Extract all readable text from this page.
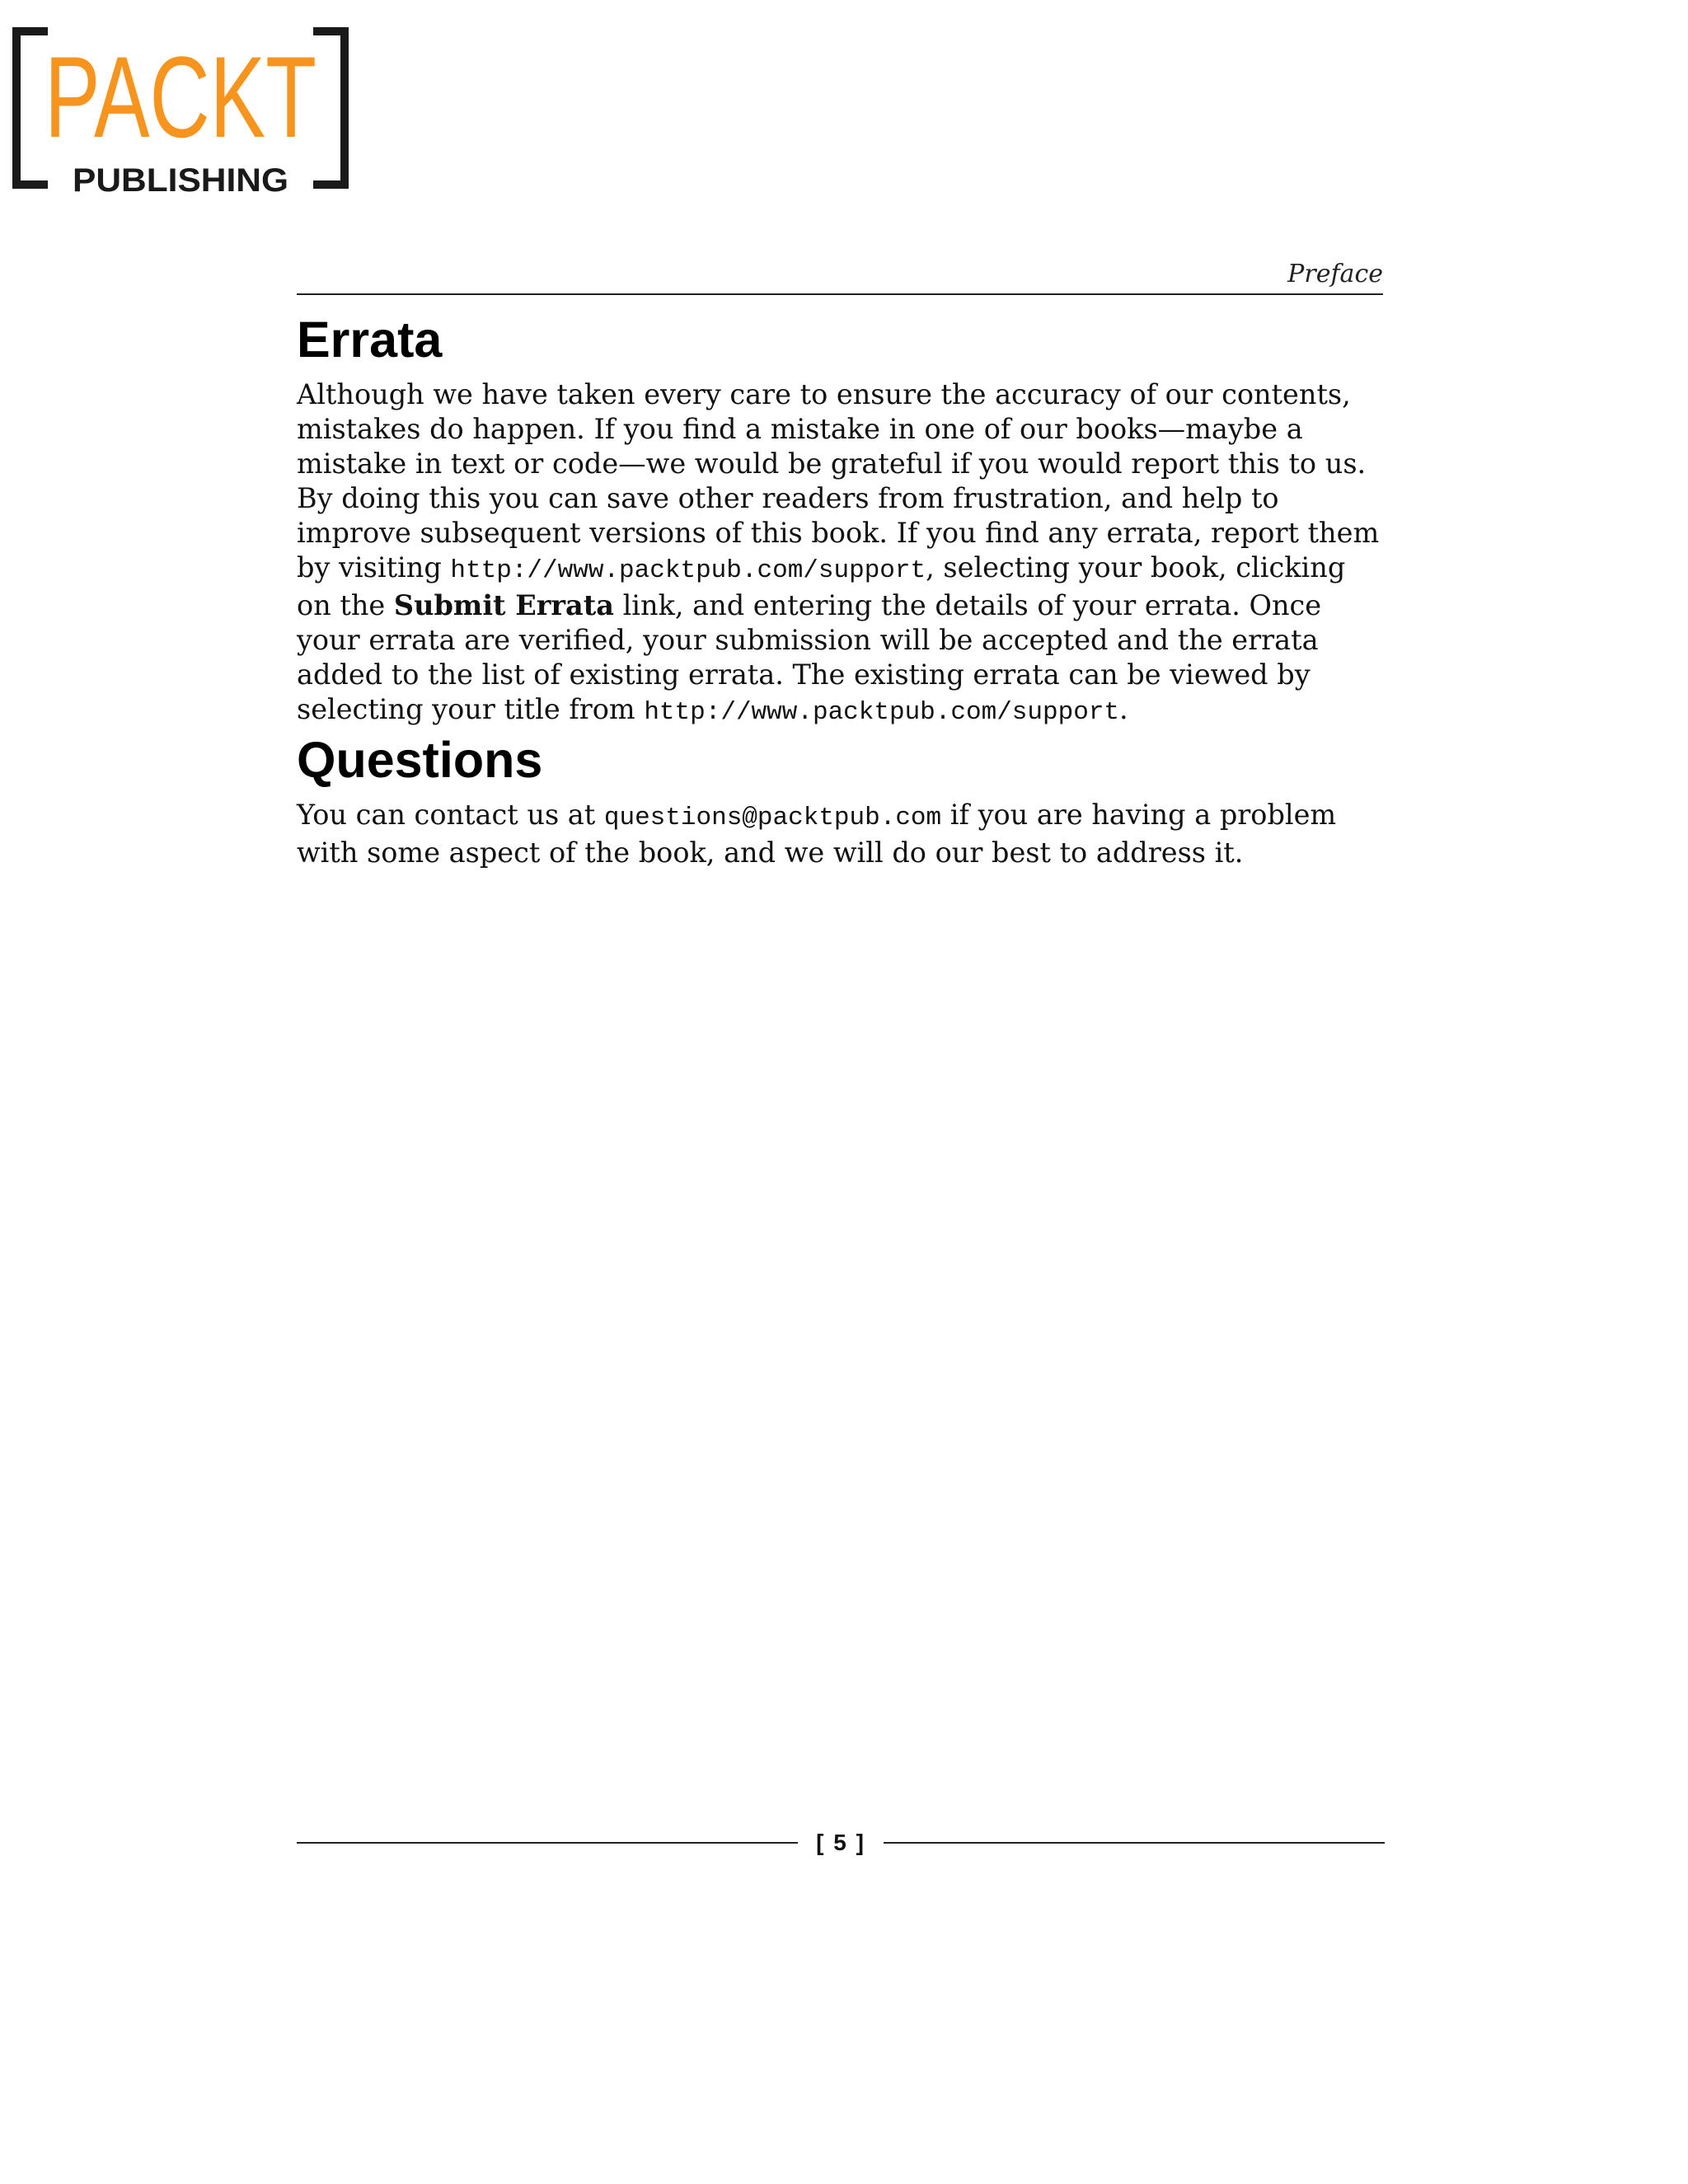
PACKT
PUBLISHING
Preface
Errata

Although we have taken every care to ensure the accuracy of our contents, mistakes do happen. If you find a mistake in one of our books—maybe a mistake in text or code—we would be grateful if you would report this to us. By doing this you can save other readers from frustration, and help to improve subsequent versions of this book. If you find any errata, report them by visiting http://www.packtpub.com/support, selecting your book, clicking on the Submit Errata link, and entering the details of your errata. Once your errata are verified, your submission will be accepted and the errata added to the list of existing errata. The existing errata can be viewed by selecting your title from http://www.packtpub.com/support.

Questions

You can contact us at questions@packtpub.com if you are having a problem with some aspect of the book, and we will do our best to address it.

[ 5 ]
